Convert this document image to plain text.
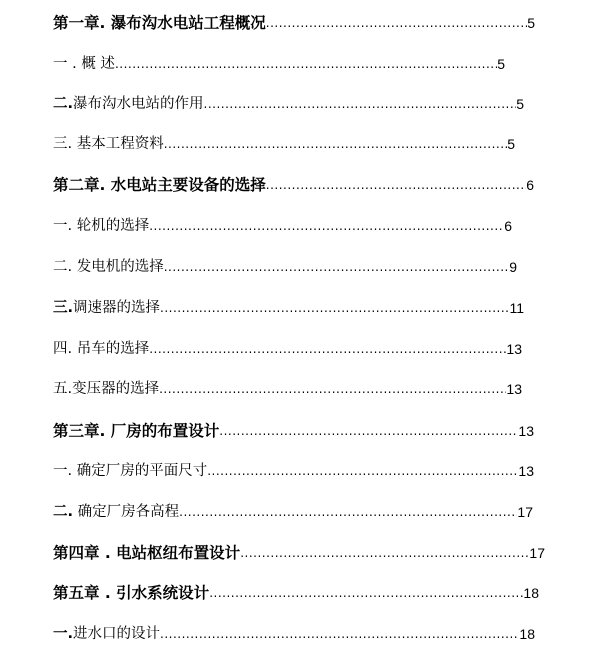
第一章. 瀑布沟水电站工程概况 .....	5
一 . 概 述 .....	5
二.瀑布沟水电站的作用 .....	5
三. 基本工程资料 .....	5
第二章. 水电站主要设备的选择 .....	6
一. 轮机的选择 .....	6
二. 发电机的选择 .....	9
三.调速器的选择 .....	11
四. 吊车的选择 .....	13
五.变压器的选择 .....	13
第三章. 厂房的布置设计 .....	13
一. 确定厂房的平面尺寸 .....	13
二. 确定厂房各高程 .....	17
第四章 . 电站枢纽布置设计 .....	17
第五章 . 引水系统设计 .....	18
一.进水口的设计 .....	18
